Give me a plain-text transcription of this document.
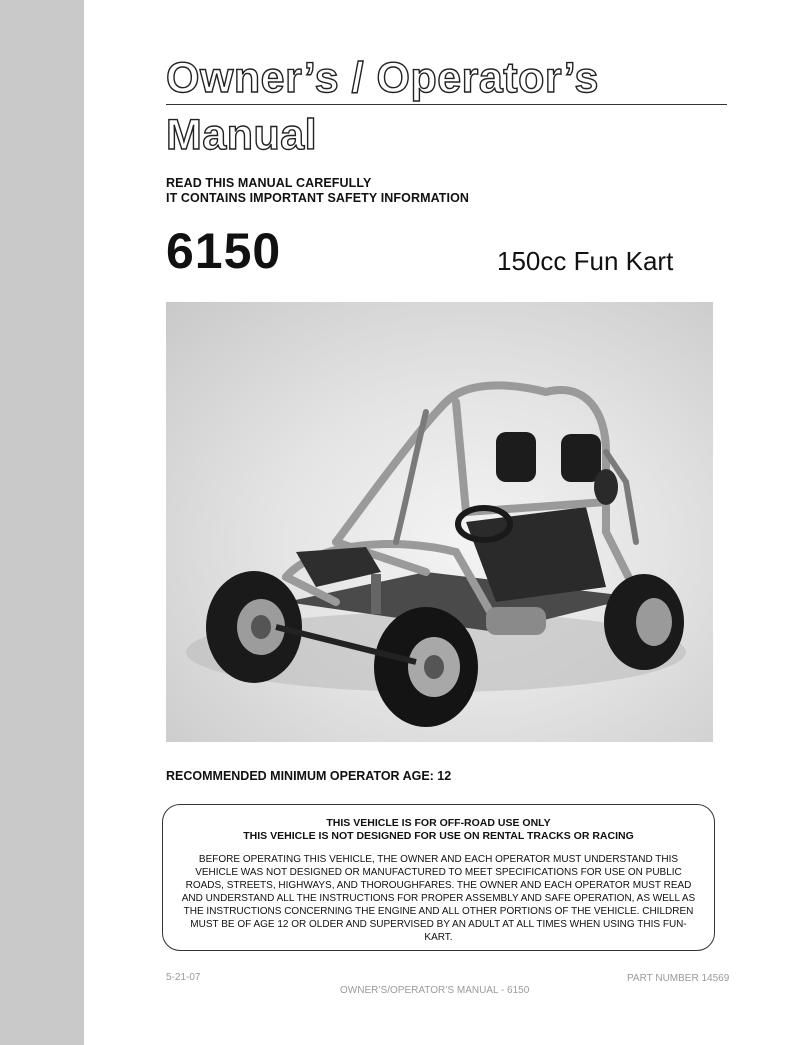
Owner’s / Operator’s
Manual
READ THIS MANUAL CAREFULLY
IT CONTAINS IMPORTANT SAFETY INFORMATION
6150	150cc Fun Kart
RECOMMENDED MINIMUM OPERATOR AGE: 12
THIS VEHICLE IS FOR OFF-ROAD USE ONLY
THIS VEHICLE IS NOT DESIGNED FOR USE ON RENTAL TRACKS OR RACING
BEFORE OPERATING THIS VEHICLE, THE OWNER AND EACH OPERATOR MUST UNDERSTAND THIS VEHICLE WAS NOT DESIGNED OR MANUFACTURED TO MEET SPECIFICATIONS FOR USE ON PUBLIC ROADS, STREETS, HIGHWAYS, AND THOROUGHFARES. THE OWNER AND EACH OPERATOR MUST READ AND UNDERSTAND ALL THE INSTRUCTIONS FOR PROPER ASSEMBLY AND SAFE OPERATION, AS WELL AS THE INSTRUCTIONS CONCERNING THE ENGINE AND ALL OTHER PORTIONS OF THE VEHICLE. CHILDREN MUST BE OF AGE 12 OR OLDER AND SUPERVISED BY AN ADULT AT ALL TIMES WHEN USING THIS FUN-KART.
5-21-07	PART NUMBER 14569
OWNER’S/OPERATOR’S MANUAL - 6150
